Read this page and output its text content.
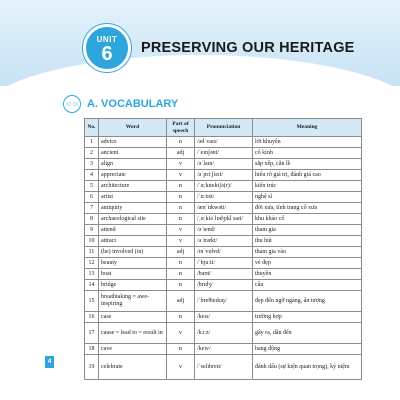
UNIT
6	PRESERVING OUR HERITAGE
☺☺ A. VOCABULARY
No.	Word	Part of speech	Pronunciation	Meaning
1	advice	n	/ədˈvaɪs/	lời khuyên
2	ancient	adj	/ˈeɪnʃənt/	cổ kính
3	align	v	/əˈlaɪn/	sắp xếp, căn lề
4	appreciate	v	/əˈpriːʃieɪt/	hiểu rõ giá trị, đánh giá cao
5	architecture	n	/ˈɑːkɪtektʃə(r)/	kiến trúc
6	artist	n	/ˈɑːtɪst/	nghệ sĩ
7	antiquity	n	/ænˈtɪkwəti/	đời xưa, tính trang cổ xưa
8	archaeological site	n	/ˌɑːkiəˈlɒdʒɪkl saɪt/	khu khảo cổ
9	attend	v	/əˈtend/	tham gia
10	attract	v	/əˈtrækt/	thu hút
11	(be) involved (in)	adj	/ɪnˈvɒlvd/	tham gia vào
12	beauty	n	/ˈbjuːti/	vẻ đẹp
13	boat	n	/bəʊt/	thuyền
14	bridge	n	/brɪdʒ/	cầu
15	breathtaking = awe-inspiring	adj	/ˈbreθteɪkɪŋ/	đẹp đến ngỡ ngàng, ấn tượng
16	case	n	/keɪs/	trường hợp
17	cause = lead to = result in	v	/kɔːz/	gây ra, dẫn đến
18	cave	n	/keɪv/	hang động
19	celebrate	v	/ˈselɪbreɪt/	đánh dấu (sự kiện quan trọng), kỷ niệm
4
